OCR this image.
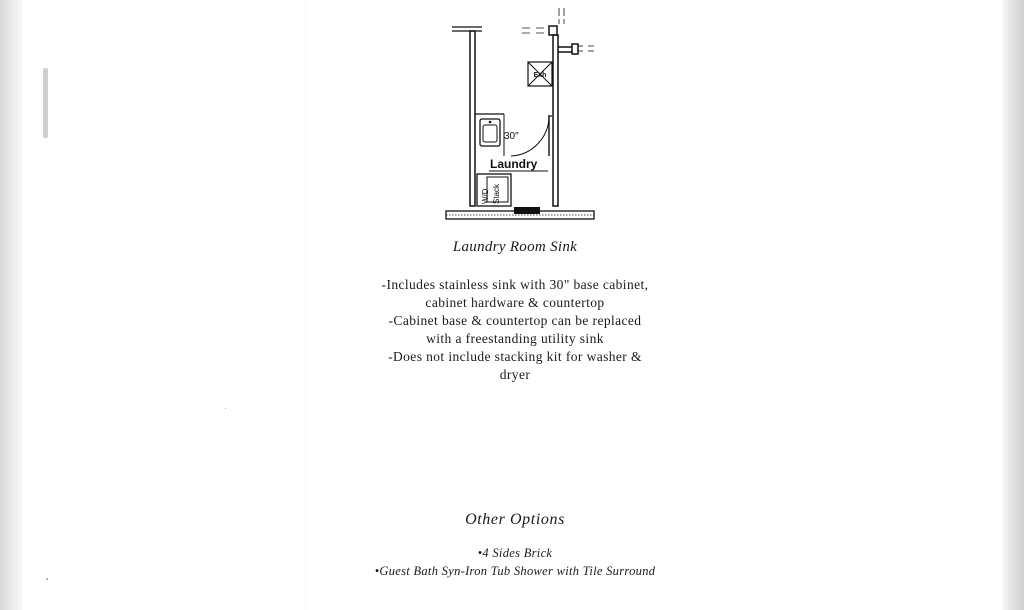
Exh
30"
Laundry
W/D Stack
Laundry Room Sink
-Includes stainless sink with 30" base cabinet,
cabinet hardware & countertop
-Cabinet base & countertop can be replaced
with a freestanding utility sink
-Does not include stacking kit for washer &
dryer
Other Options
•4 Sides Brick
•Guest Bath Syn-Iron Tub Shower with Tile Surround
